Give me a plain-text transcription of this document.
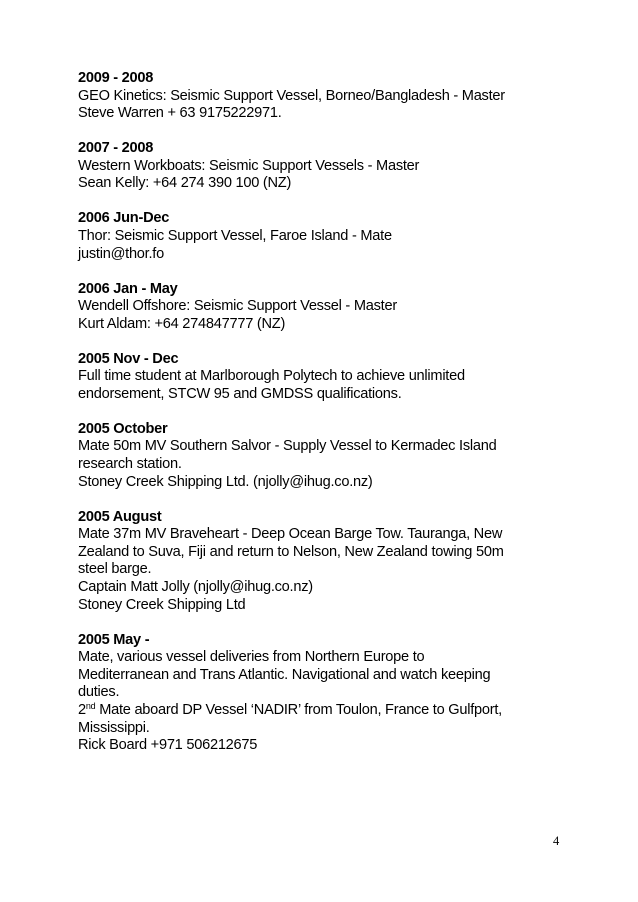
2009 - 2008
GEO Kinetics: Seismic Support Vessel, Borneo/Bangladesh - Master
Steve Warren + 63 9175222971.
2007 - 2008
Western Workboats: Seismic Support Vessels - Master
Sean Kelly: +64 274 390 100 (NZ)
2006 Jun-Dec
Thor: Seismic Support Vessel, Faroe Island - Mate
justin@thor.fo
2006 Jan - May
Wendell Offshore: Seismic Support Vessel - Master
Kurt Aldam: +64 274847777 (NZ)
2005 Nov - Dec
Full time student at Marlborough Polytech to achieve unlimited
endorsement, STCW 95 and GMDSS qualifications.
2005 October
Mate 50m MV Southern Salvor - Supply Vessel to Kermadec Island
research station.
Stoney Creek Shipping Ltd. (njolly@ihug.co.nz)
2005 August
Mate 37m MV Braveheart - Deep Ocean Barge Tow. Tauranga, New
Zealand to Suva, Fiji and return to Nelson, New Zealand towing 50m
steel barge.
Captain Matt Jolly (njolly@ihug.co.nz)
Stoney Creek Shipping Ltd
2005 May -
Mate, various vessel deliveries from Northern Europe to
Mediterranean and Trans Atlantic. Navigational and watch keeping
duties.
2nd Mate aboard DP Vessel ‘NADIR’ from Toulon, France to Gulfport,
Mississippi.
Rick Board +971 506212675
4
